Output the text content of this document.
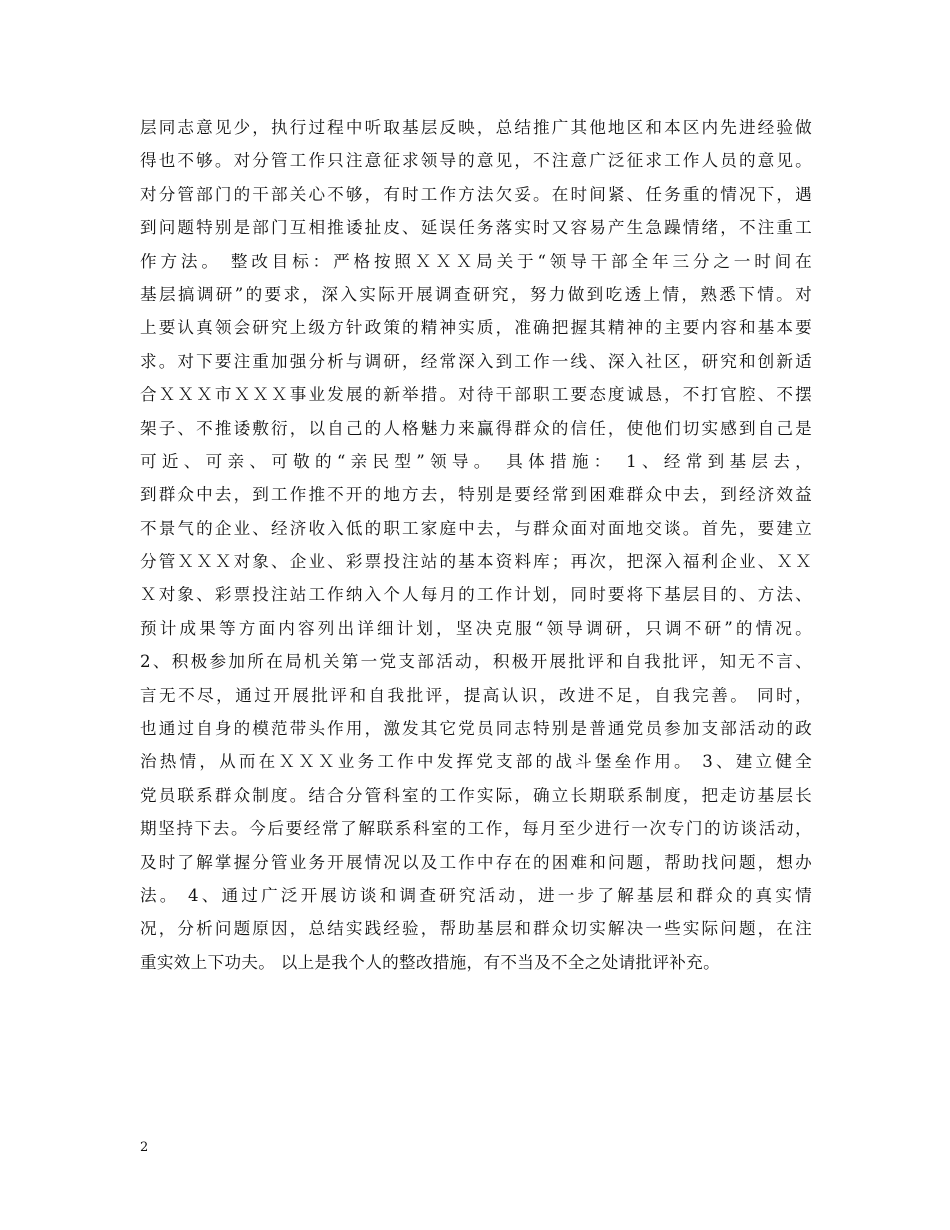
层同志意见少，执行过程中听取基层反映，总结推广其他地区和本区内先进经验做
得也不够。对分管工作只注意征求领导的意见，不注意广泛征求工作人员的意见。
对分管部门的干部关心不够，有时工作方法欠妥。在时间紧、任务重的情况下，遇
到问题特别是部门互相推诿扯皮、延误任务落实时又容易产生急躁情绪，不注重工
作方法。 整改目标：严格按照ＸＸＸ局关于“领导干部全年三分之一时间在
基层搞调研”的要求，深入实际开展调查研究，努力做到吃透上情，熟悉下情。对
上要认真领会研究上级方针政策的精神实质，准确把握其精神的主要内容和基本要
求。对下要注重加强分析与调研，经常深入到工作一线、深入社区，研究和创新适
合ＸＸＸ市ＸＸＸ事业发展的新举措。对待干部职工要态度诚恳，不打官腔、不摆
架子、不推诿敷衍，以自己的人格魅力来赢得群众的信任，使他们切实感到自己是
可近、可亲、可敬的“亲民型”领导。 具体措施： 1、经常到基层去，
到群众中去，到工作推不开的地方去，特别是要经常到困难群众中去，到经济效益
不景气的企业、经济收入低的职工家庭中去，与群众面对面地交谈。首先，要建立
分管ＸＸＸ对象、企业、彩票投注站的基本资料库；再次，把深入福利企业、ＸＸ
Ｘ对象、彩票投注站工作纳入个人每月的工作计划，同时要将下基层目的、方法、
预计成果等方面内容列出详细计划，坚决克服“领导调研，只调不研”的情况。
2、积极参加所在局机关第一党支部活动，积极开展批评和自我批评，知无不言、
言无不尽，通过开展批评和自我批评，提高认识，改进不足，自我完善。 同时，
也通过自身的模范带头作用，激发其它党员同志特别是普通党员参加支部活动的政
治热情，从而在ＸＸＸ业务工作中发挥党支部的战斗堡垒作用。 3、建立健全
党员联系群众制度。结合分管科室的工作实际，确立长期联系制度，把走访基层长
期坚持下去。今后要经常了解联系科室的工作，每月至少进行一次专门的访谈活动，
及时了解掌握分管业务开展情况以及工作中存在的困难和问题，帮助找问题，想办
法。 4、通过广泛开展访谈和调查研究活动，进一步了解基层和群众的真实情
况，分析问题原因，总结实践经验，帮助基层和群众切实解决一些实际问题，在注
重实效上下功夫。 以上是我个人的整改措施，有不当及不全之处请批评补充。
2
